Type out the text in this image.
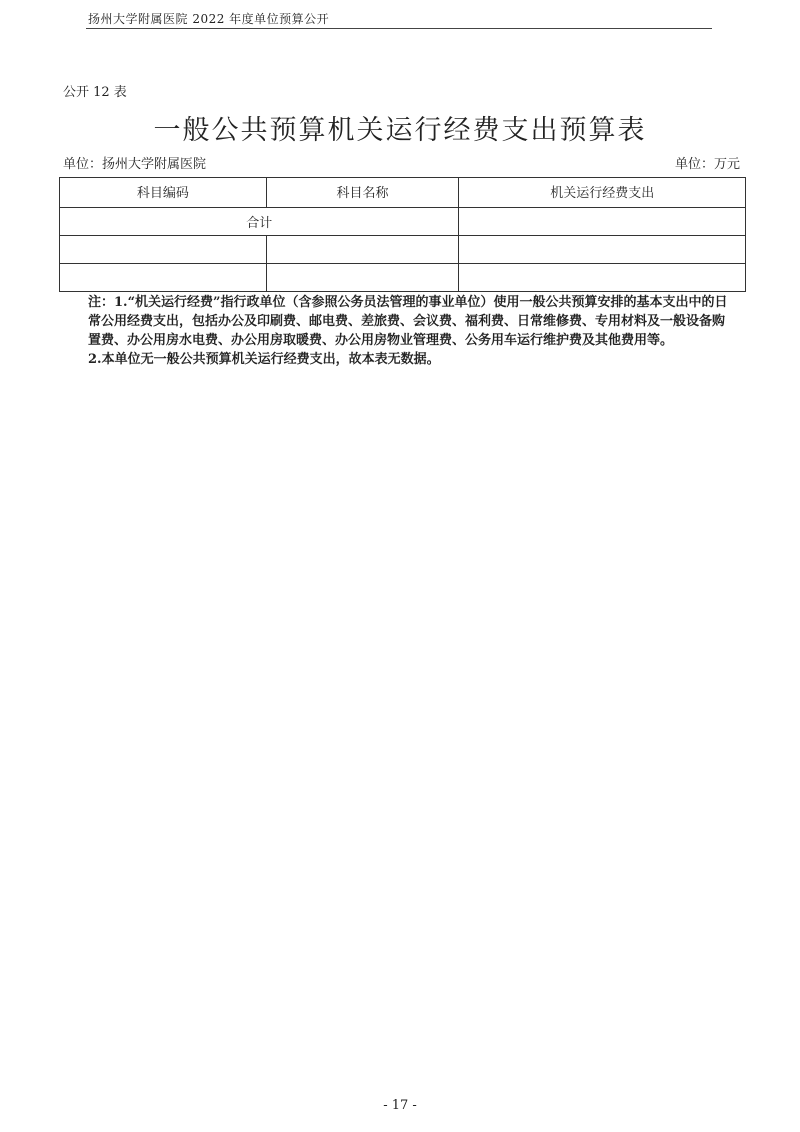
扬州大学附属医院 2022 年度单位预算公开
公开 12 表
一般公共预算机关运行经费支出预算表
单位：扬州大学附属医院	单位：万元
科目编码	科目名称	机关运行经费支出
合计		

注：1.“机关运行经费”指行政单位（含参照公务员法管理的事业单位）使用一般公共预算安排的基本支出中的日常公用经费支出，包括办公及印刷费、邮电费、差旅费、会议费、福利费、日常维修费、专用材料及一般设备购置费、办公用房水电费、办公用房取暖费、办公用房物业管理费、公务用车运行维护费及其他费用等。

2.本单位无一般公共预算机关运行经费支出，故本表无数据。

- 17 -
